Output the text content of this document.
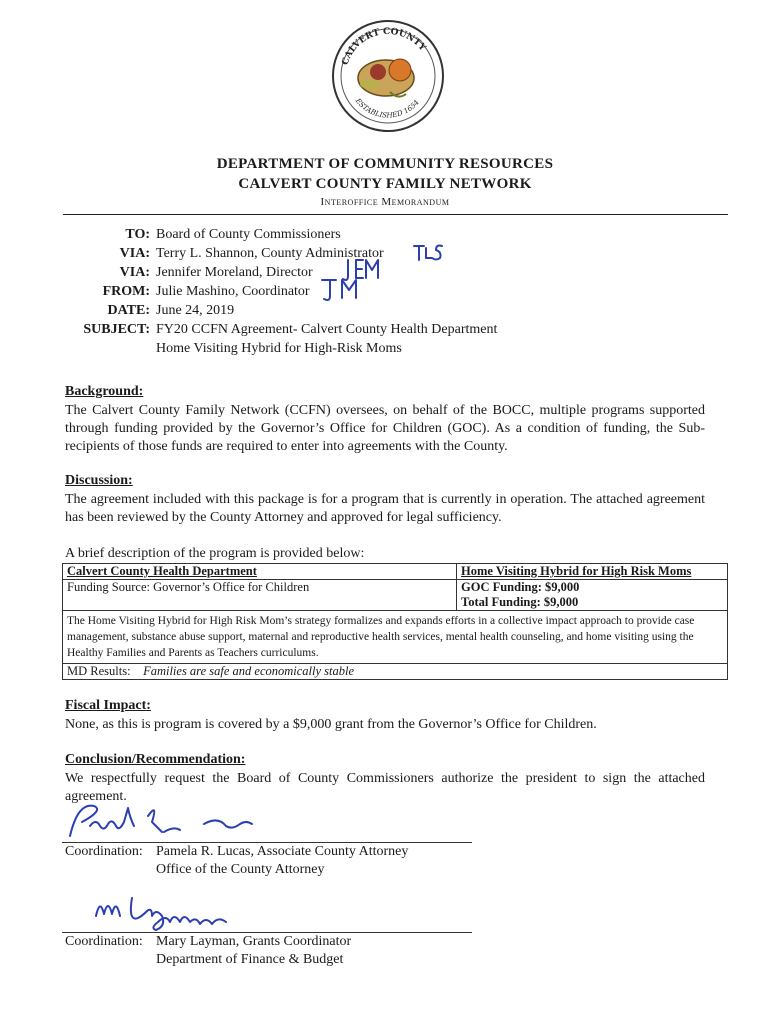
CALVERT COUNTY
ESTABLISHED 1654
DEPARTMENT OF COMMUNITY RESOURCES
CALVERT COUNTY FAMILY NETWORK
Interoffice Memorandum
TO: Board of County Commissioners
VIA: Terry L. Shannon, County Administrator
VIA: Jennifer Moreland, Director
FROM: Julie Mashino, Coordinator
DATE: June 24, 2019
SUBJECT: FY20 CCFN Agreement- Calvert County Health Department
Home Visiting Hybrid for High-Risk Moms
Background:
The Calvert County Family Network (CCFN) oversees, on behalf of the BOCC, multiple programs supported through funding provided by the Governor’s Office for Children (GOC). As a condition of funding, the Sub-recipients of those funds are required to enter into agreements with the County.
Discussion:
The agreement included with this package is for a program that is currently in operation. The attached agreement has been reviewed by the County Attorney and approved for legal sufficiency.
A brief description of the program is provided below:
Calvert County Health Department	Home Visiting Hybrid for High Risk Moms
Funding Source: Governor’s Office for Children	GOC Funding: $9,000
Total Funding: $9,000

The Home Visiting Hybrid for High Risk Mom’s strategy formalizes and expands efforts in a collective impact approach to provide case management, substance abuse support, maternal and reproductive health services, mental health counseling, and home visiting using the Healthy Families and Parents as Teachers curriculums.	
MD Results: Families are safe and economically stable	
Fiscal Impact:
None, as this is program is covered by a $9,000 grant from the Governor’s Office for Children.
Conclusion/Recommendation:
We respectfully request the Board of County Commissioners authorize the president to sign the attached agreement.
Coordination: Pamela R. Lucas, Associate County Attorney
Office of the County Attorney
Coordination: Mary Layman, Grants Coordinator
Department of Finance & Budget
